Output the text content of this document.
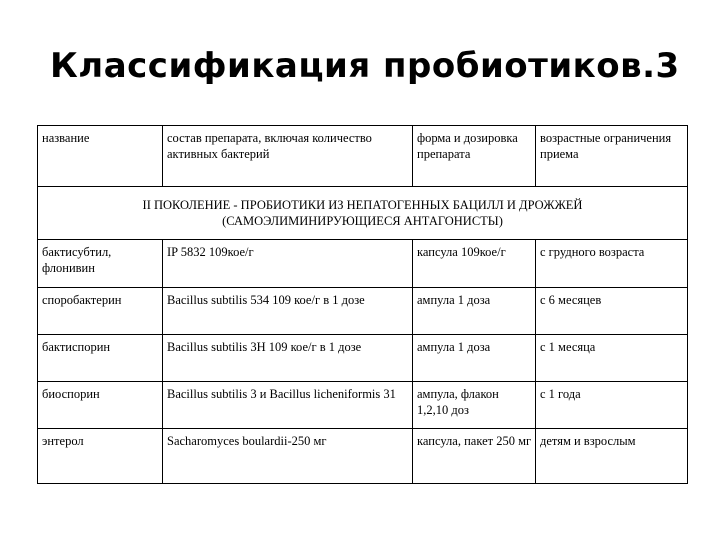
Классификация пробиотиков.3
название	состав препарата, включая количество активных бактерий	форма и дозировка препарата	возрастные ограничения приема

II ПОКОЛЕНИЕ - ПРОБИОТИКИ ИЗ НЕПАТОГЕННЫХ БАЦИЛЛ И ДРОЖЖЕЙ
(САМОЭЛИМИНИРУЮЩИЕСЯ АНТАГОНИСТЫ)			

бактисубтил, флонивин	IP 5832 109кое/г	капсула 109кое/г	с грудного возраста
споробактерин	Bacillus subtilis 534 109 кое/г в 1 дозе	ампула 1 доза	с 6 месяцев
бактиспорин	Bacillus subtilis 3Н 109 кое/г в 1 дозе	ампула 1 доза	с 1 месяца
биоспорин	Bacillus subtilis 3 и Bacillus licheniformis 31	ампула, флакон 1,2,10 доз	с 1 года
энтерол	Sacharomyces boulardii-250 мг	капсула, пакет 250 мг	детям и взрослым
